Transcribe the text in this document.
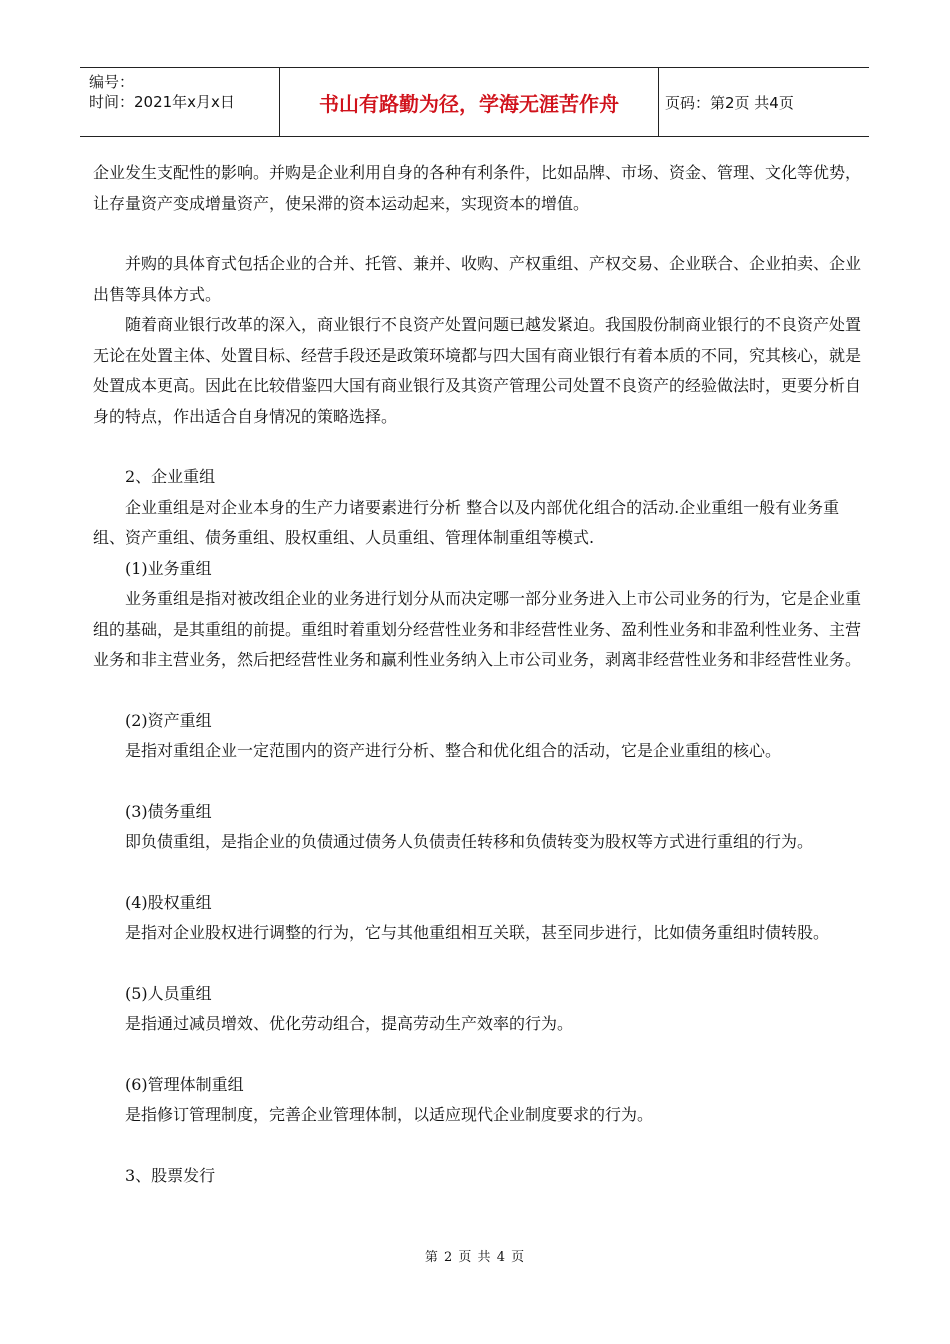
编号：
时间：2021年x月x日	书山有路勤为径，学海无涯苦作舟	页码：第2页 共4页

企业发生支配性的影响。并购是企业利用自身的各种有利条件，比如品牌、市场、资金、管理、文化等优势，让存量资产变成增量资产，使呆滞的资本运动起来，实现资本的增值。

并购的具体育式包括企业的合并、托管、兼并、收购、产权重组、产权交易、企业联合、企业拍卖、企业出售等具体方式。

随着商业银行改革的深入，商业银行不良资产处置问题已越发紧迫。我国股份制商业银行的不良资产处置无论在处置主体、处置目标、经营手段还是政策环境都与四大国有商业银行有着本质的不同，究其核心，就是处置成本更高。因此在比较借鉴四大国有商业银行及其资产管理公司处置不良资产的经验做法时，更要分析自身的特点，作出适合自身情况的策略选择。

2、企业重组

企业重组是对企业本身的生产力诸要素进行分析 整合以及内部优化组合的活动.企业重组一般有业务重组、资产重组、债务重组、股权重组、人员重组、管理体制重组等模式.

(1)业务重组

业务重组是指对被改组企业的业务进行划分从而决定哪一部分业务进入上市公司业务的行为，它是企业重组的基础，是其重组的前提。重组时着重划分经营性业务和非经营性业务、盈利性业务和非盈利性业务、主营业务和非主营业务，然后把经营性业务和赢利性业务纳入上市公司业务，剥离非经营性业务和非经营性业务。

(2)资产重组

是指对重组企业一定范围内的资产进行分析、整合和优化组合的活动，它是企业重组的核心。

(3)债务重组

即负债重组，是指企业的负债通过债务人负债责任转移和负债转变为股权等方式进行重组的行为。

(4)股权重组

是指对企业股权进行调整的行为，它与其他重组相互关联，甚至同步进行，比如债务重组时债转股。

(5)人员重组

是指通过减员增效、优化劳动组合，提高劳动生产效率的行为。

(6)管理体制重组

是指修订管理制度，完善企业管理体制，以适应现代企业制度要求的行为。

3、股票发行

第 2 页 共 4 页
